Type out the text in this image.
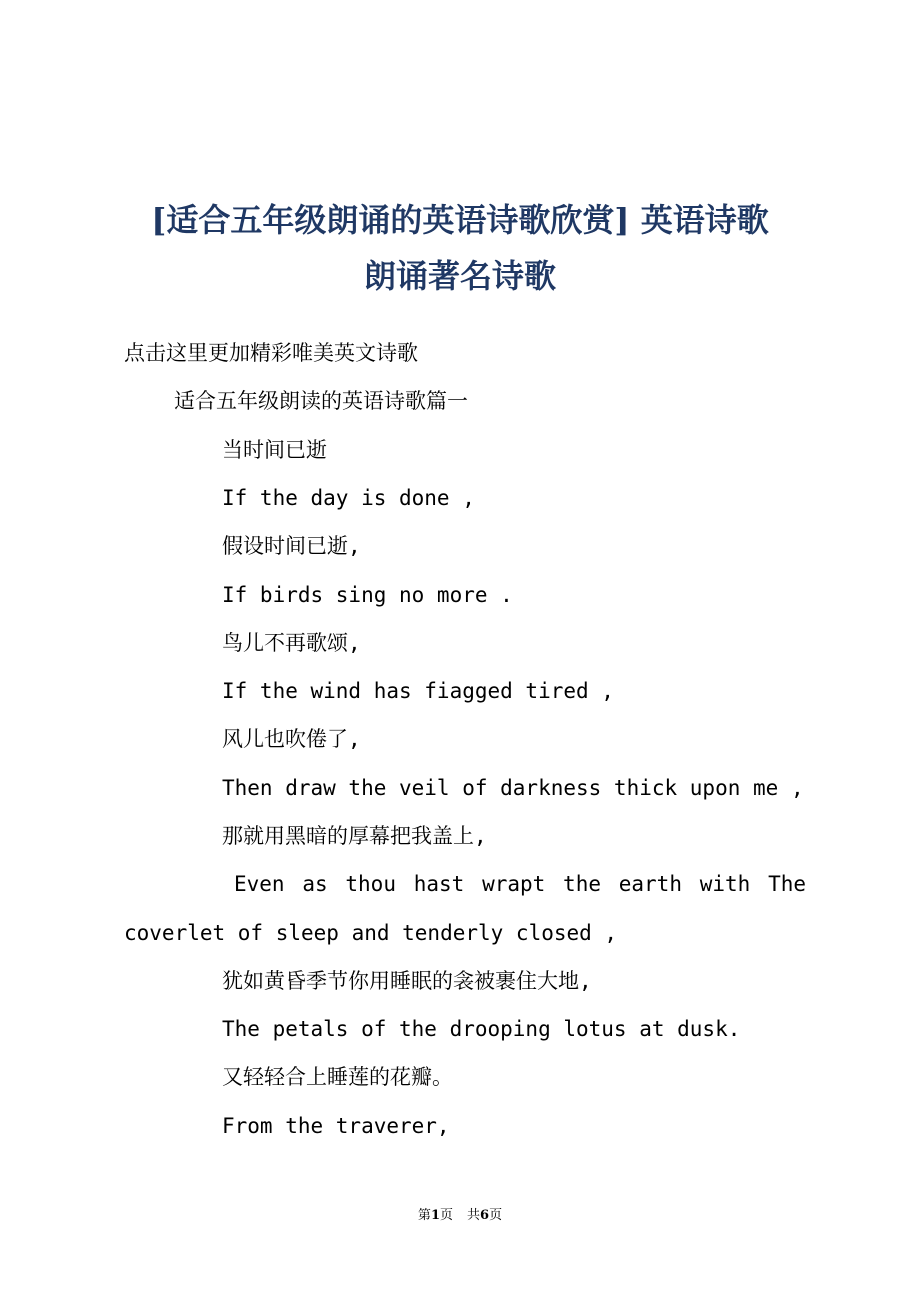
[适合五年级朗诵的英语诗歌欣赏] 英语诗歌
朗诵著名诗歌
点击这里更加精彩唯美英文诗歌
适合五年级朗读的英语诗歌篇一
当时间已逝
If the day is done ,
假设时间已逝,
If birds sing no more .
鸟儿不再歌颂,
If the wind has fiagged tired ,
风儿也吹倦了,
Then draw the veil of darkness thick upon me ,
那就用黑暗的厚幕把我盖上,
Even as thou hast wrapt the earth with The
coverlet of sleep and tenderly closed ,
犹如黄昏季节你用睡眠的衾被裹住大地,
The petals of the drooping lotus at dusk.
又轻轻合上睡莲的花瓣。
From the traverer,
第1页 共6页
